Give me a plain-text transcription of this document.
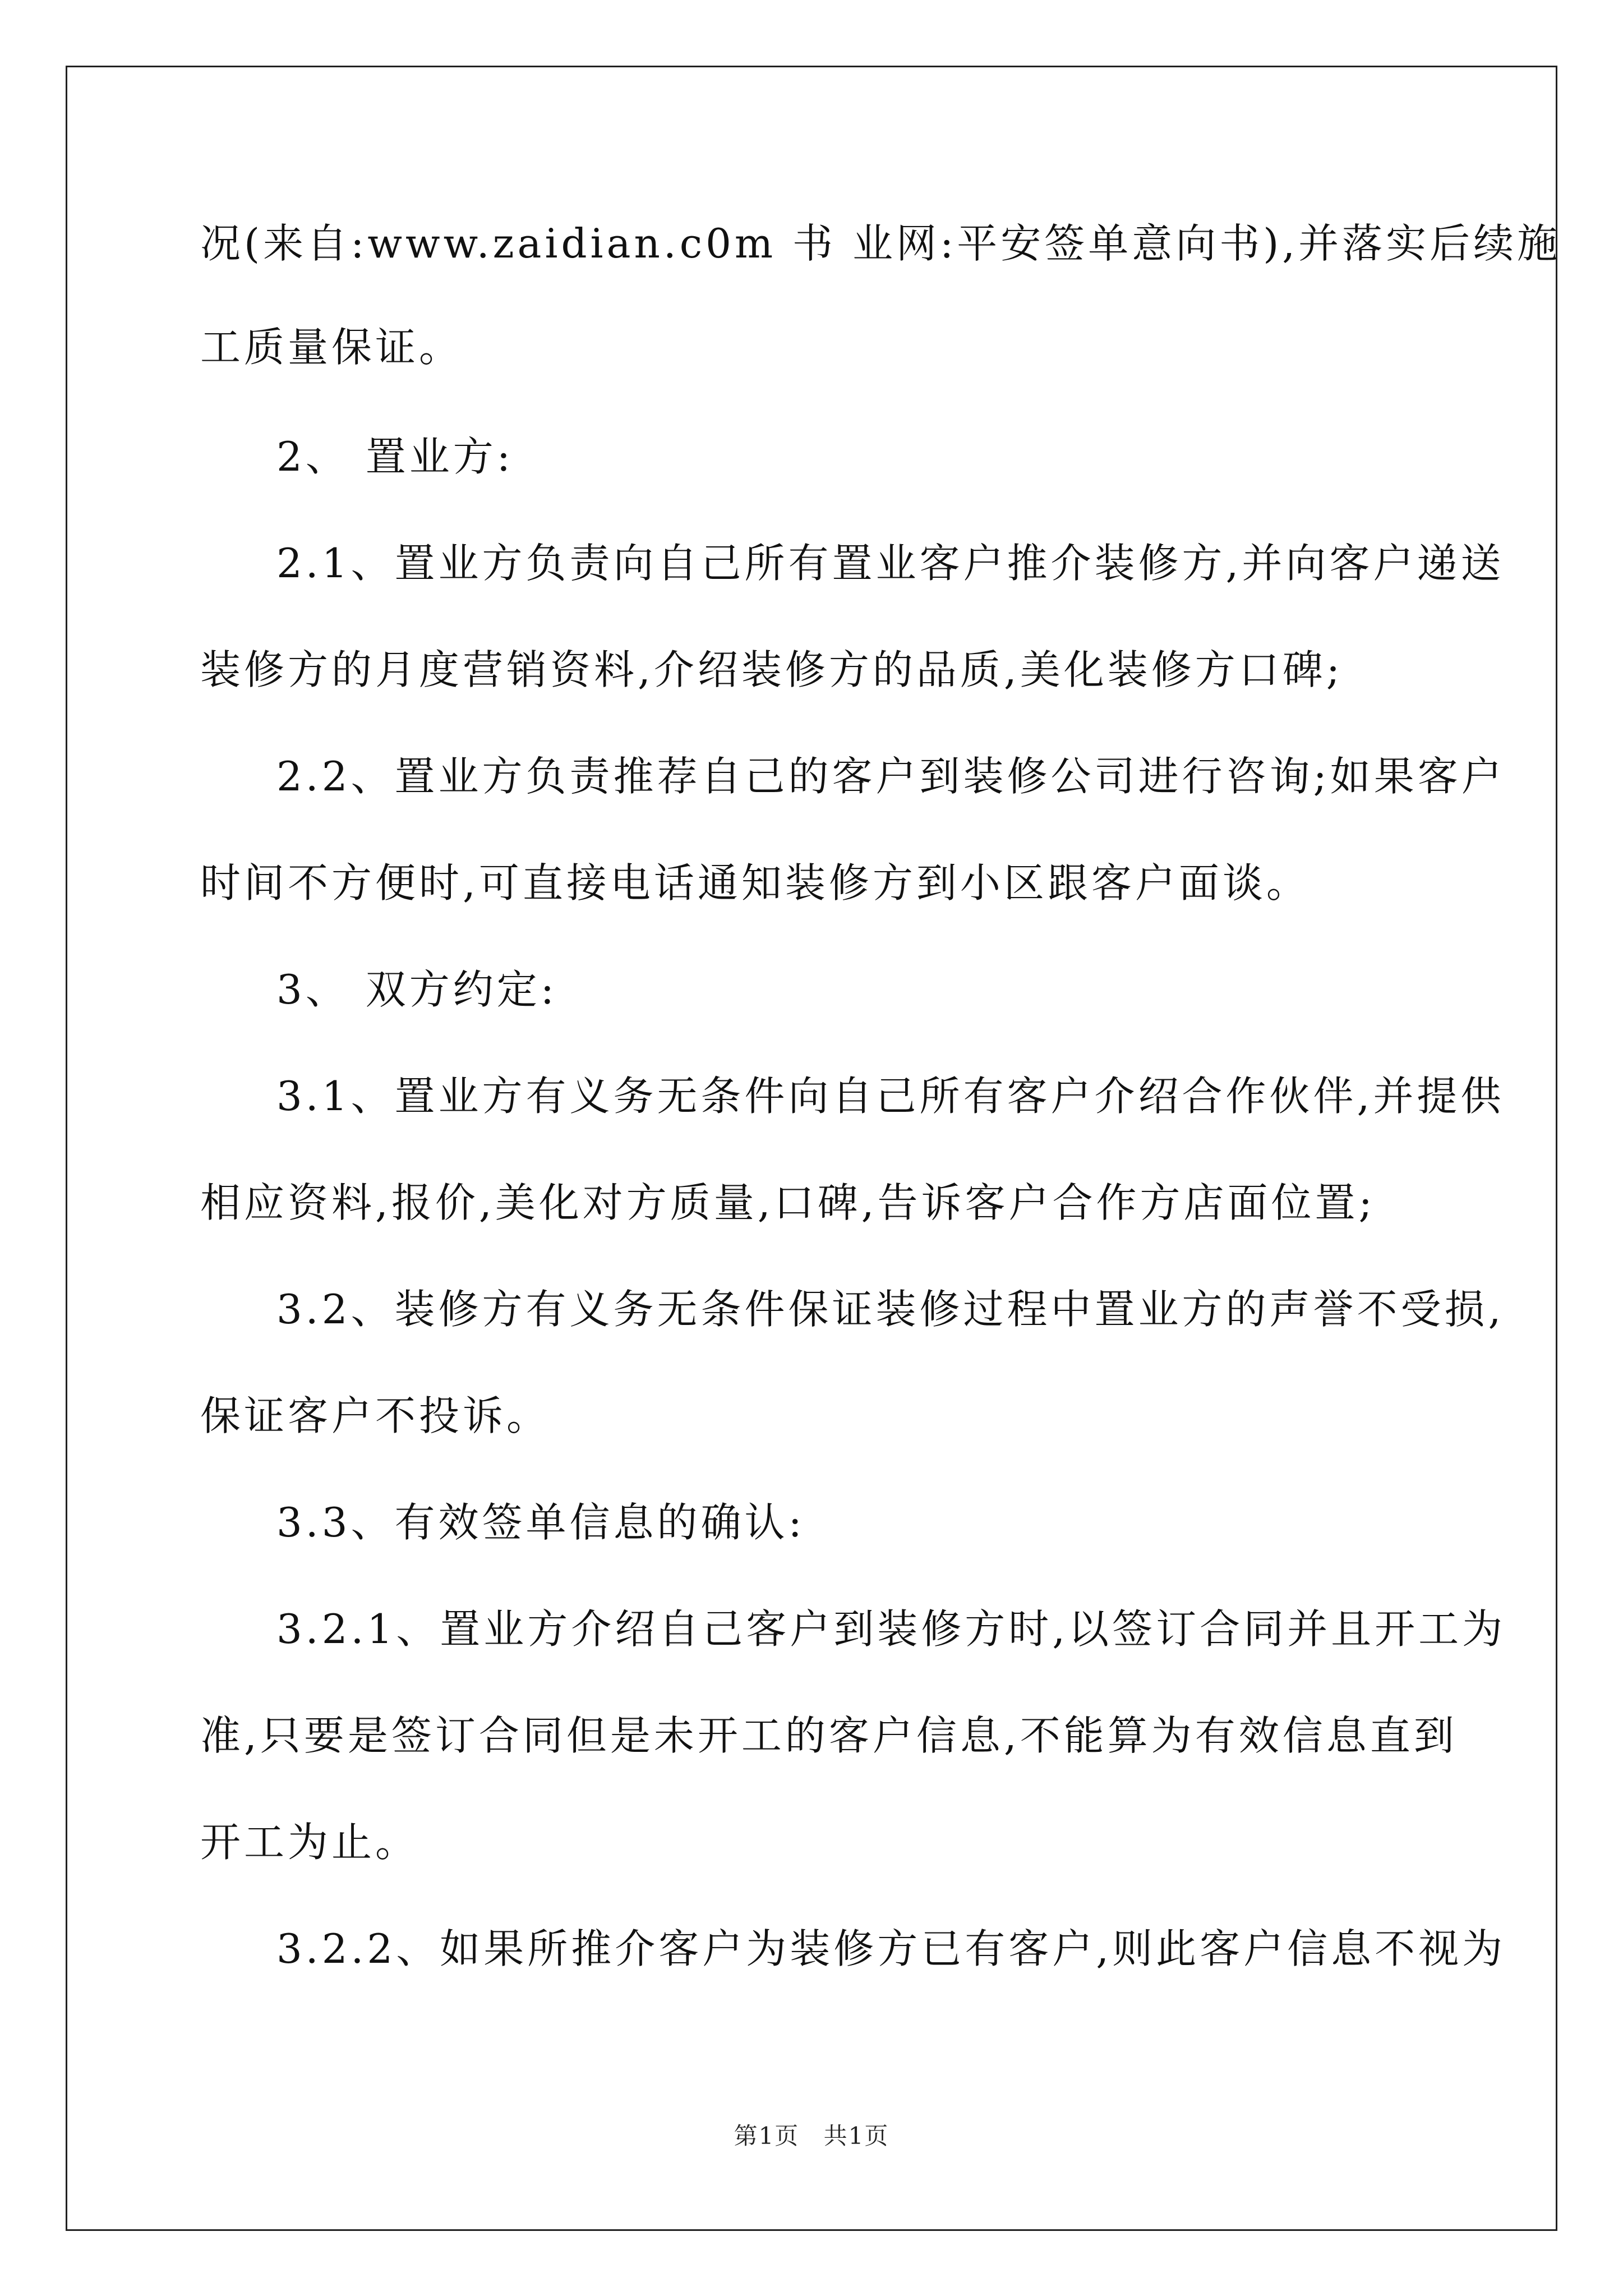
况(来自:www.zaidian.c0m 书 业网:平安签单意向书),并落实后续施
工质量保证。
2、 置业方:
2.1、置业方负责向自己所有置业客户推介装修方,并向客户递送
装修方的月度营销资料,介绍装修方的品质,美化装修方口碑;
2.2、置业方负责推荐自己的客户到装修公司进行咨询;如果客户
时间不方便时,可直接电话通知装修方到小区跟客户面谈。
3、 双方约定:
3.1、置业方有义务无条件向自己所有客户介绍合作伙伴,并提供
相应资料,报价,美化对方质量,口碑,告诉客户合作方店面位置;
3.2、装修方有义务无条件保证装修过程中置业方的声誉不受损,
保证客户不投诉。
3.3、有效签单信息的确认:
3.2.1、置业方介绍自己客户到装修方时,以签订合同并且开工为
准,只要是签订合同但是未开工的客户信息,不能算为有效信息直到
开工为止。
3.2.2、如果所推介客户为装修方已有客户,则此客户信息不视为
第1页 共1页
